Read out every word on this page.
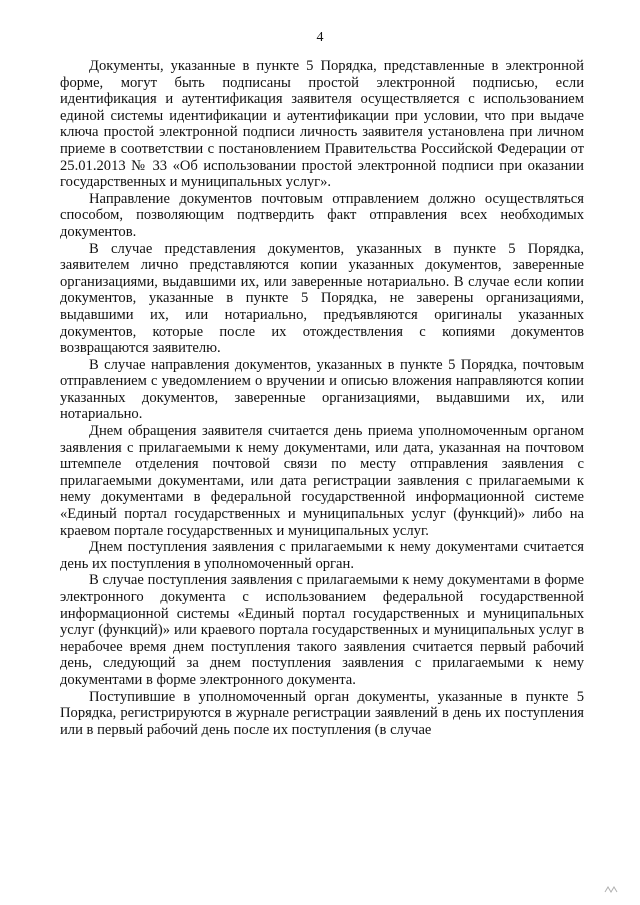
4

Документы, указанные в пункте 5 Порядка, представленные в электронной форме, могут быть подписаны простой электронной подписью, если идентификация и аутентификация заявителя осуществляется с использованием единой системы идентификации и аутентификации при условии, что при выдаче ключа простой электронной подписи личность заявителя установлена при личном приеме в соответствии с постановлением Правительства Российской Федерации от 25.01.2013 № 33 «Об использовании простой электронной подписи при оказании государственных и муниципальных услуг».

Направление документов почтовым отправлением должно осуществляться способом, позволяющим подтвердить факт отправления всех необходимых документов.

В случае представления документов, указанных в пункте 5 Порядка, заявителем лично представляются копии указанных документов, заверенные организациями, выдавшими их, или заверенные нотариально. В случае если копии документов, указанные в пункте 5 Порядка, не заверены организациями, выдавшими их, или нотариально, предъявляются оригиналы указанных документов, которые после их отождествления с копиями документов возвращаются заявителю.

В случае направления документов, указанных в пункте 5 Порядка, почтовым отправлением с уведомлением о вручении и описью вложения направляются копии указанных документов, заверенные организациями, выдавшими их, или нотариально.

Днем обращения заявителя считается день приема уполномоченным органом заявления с прилагаемыми к нему документами, или дата, указанная на почтовом штемпеле отделения почтовой связи по месту отправления заявления с прилагаемыми документами, или дата регистрации заявления с прилагаемыми к нему документами в федеральной государственной информационной системе «Единый портал государственных и муниципальных услуг (функций)» либо на краевом портале государственных и муниципальных услуг.

Днем поступления заявления с прилагаемыми к нему документами считается день их поступления в уполномоченный орган.

В случае поступления заявления с прилагаемыми к нему документами в форме электронного документа с использованием федеральной государственной информационной системы «Единый портал государственных и муниципальных услуг (функций)» или краевого портала государственных и муниципальных услуг в нерабочее время днем поступления такого заявления считается первый рабочий день, следующий за днем поступления заявления с прилагаемыми к нему документами в форме электронного документа.

Поступившие в уполномоченный орган документы, указанные в пункте 5 Порядка, регистрируются в журнале регистрации заявлений в день их поступления или в первый рабочий день после их поступления (в случае
